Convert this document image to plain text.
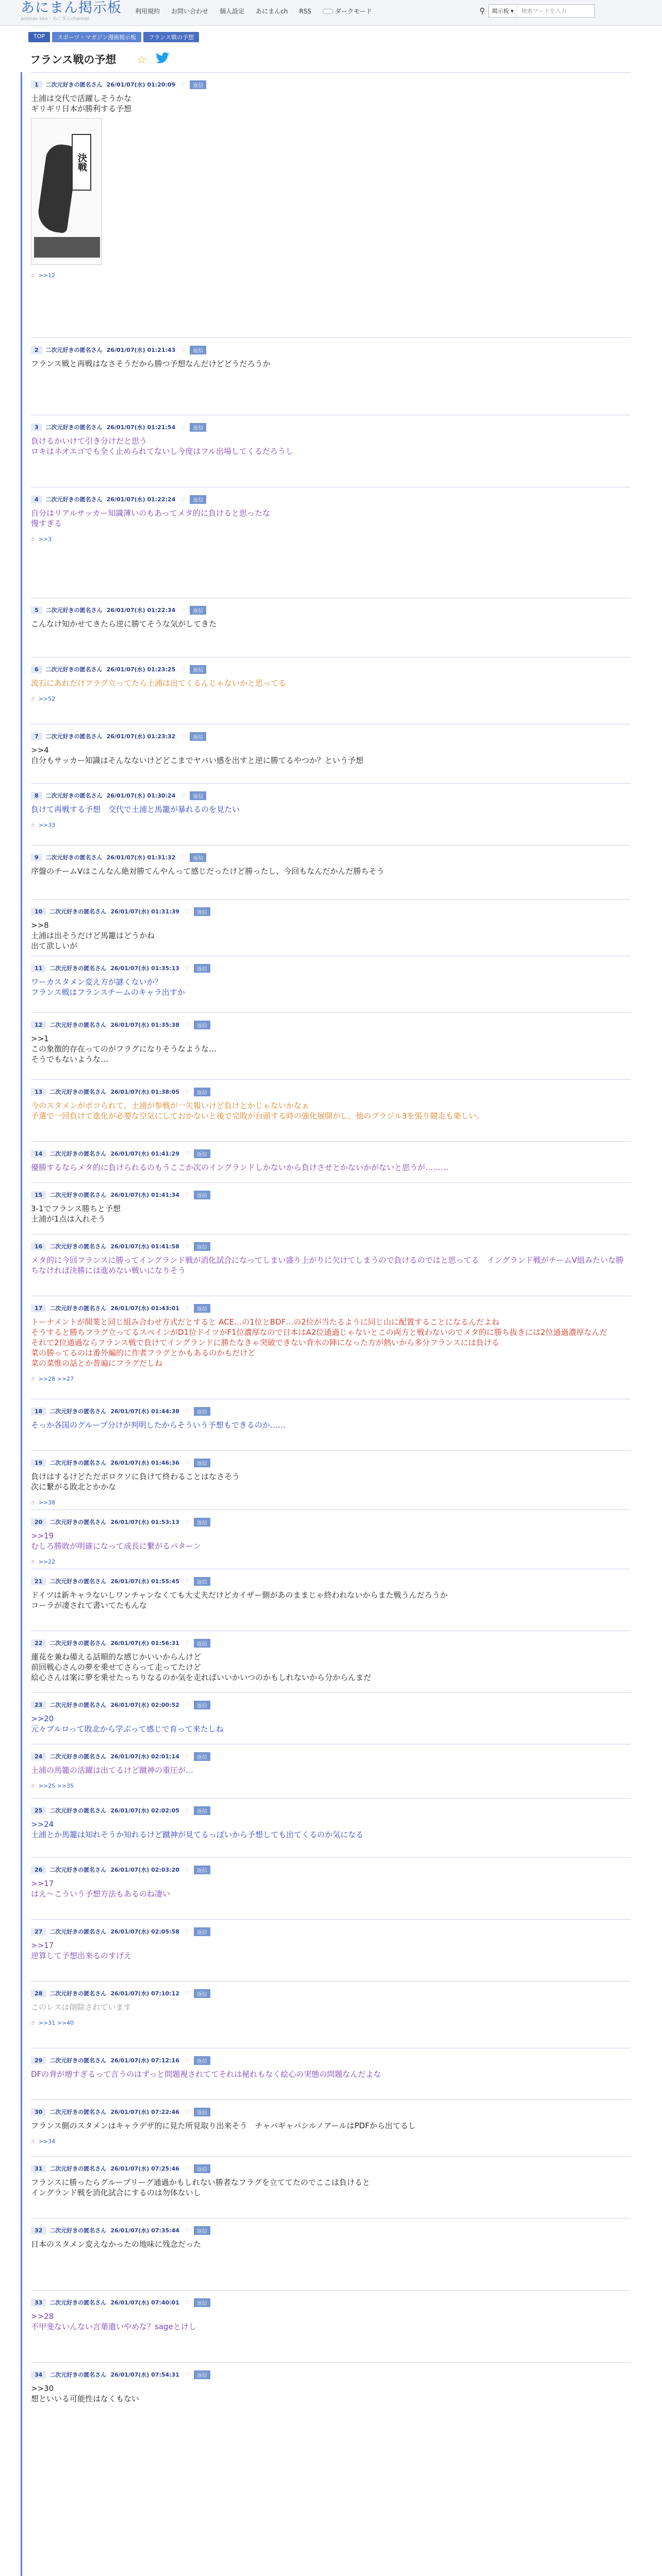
あにまん掲示板
animan bbs・あにまんchannel
利用規約 お問い合わせ 個人設定 あにまんch RSS	ダークモード	⚲	掲示板 ▾	検索ワードを入力
TOP	スポーツ・マガジン漫画掲示板	フランス戦の予想
フランス戦の予想 ☆
1	二次元好きの匿名さん 26/01/07(水) 01:20:09 ♡	返信
土浦は交代で活躍しそうかな
ギリギリ日本が勝利する予想
決戦
☝ >>12
2	二次元好きの匿名さん 26/01/07(水) 01:21:43 ♡	返信
フランス戦と再戦はなさそうだから勝つ予想なんだけどどうだろうか
3	二次元好きの匿名さん 26/01/07(水) 01:21:54 ♡	返信
負けるかいけて引き分けだと思う
ロキはネオエゴでも全く止められてないし今度はフル出場してくるだろうし
4	二次元好きの匿名さん 26/01/07(水) 01:22:24 ♡	返信
自分はリアルサッカー知識薄いのもあってメタ的に負けると思ったな
慢すぎる
☝ >>3
5	二次元好きの匿名さん 26/01/07(水) 01:22:34 ♡	返信
こんなけ知かせてきたら逆に勝てそうな気がしてきた
6	二次元好きの匿名さん 26/01/07(水) 01:23:25 ♡	返信
流石にあれだけフラグ立ってたら土浦は出てくるんじゃないかと思ってる
☝ >>52
7	二次元好きの匿名さん 26/01/07(水) 01:23:32 ♡	返信
>>4
自分もサッカー知識はそんなないけどどこまでヤバい感を出すと逆に勝てるやつか？という予想
8	二次元好きの匿名さん 26/01/07(水) 01:30:24 ♡	返信
負けて再戦する予想　交代で土浦と馬籠が暴れるのを見たい
☝ >>33
9	二次元好きの匿名さん 26/01/07(水) 01:31:32 ♡	返信
序盤のチームVはこんなん絶対勝てんやんって感じだったけど勝ったし、今回もなんだかんだ勝ちそう
10	二次元好きの匿名さん 26/01/07(水) 01:31:39 ♡	返信
>>8
土浦は出そうだけど馬籠はどうかね
出て欲しいが
11	二次元好きの匿名さん 26/01/07(水) 01:35:13 ♡	返信
ワーカスタメン変え方が謎くないか？
フランス戦はフランスチームのキャラ出すか
12	二次元好きの匿名さん 26/01/07(水) 01:35:38 ♡	返信
>>1
この象徴的存在ってのがフラグになりそうなような…
そうでもないような…
13	二次元好きの匿名さん 26/01/07(水) 01:38:05 ♡	返信
今のスタメンがボコられて、土浦が参戦が一矢報いけど負けとかじゃないかなぁ
予選で一回負けて進化が必要な空気にしておかないと後で完敗が台頭する時の強化展開がし、他のブラジル3を張り競走も楽しい。
14	二次元好きの匿名さん 26/01/07(水) 01:41:29 ♡	返信
優勝するならメタ的に負けられるのもうここか次のイングランドしかないから負けさせとかないかがないと思うが………
15	二次元好きの匿名さん 26/01/07(水) 01:41:34 ♡	返信
3-1でフランス勝ちと予想
土浦が1点は入れそう
16	二次元好きの匿名さん 26/01/07(水) 01:41:58 ♡	返信
メタ的に今回フランスに勝ってイングランド戦が消化試合になってしまい盛り上がりに欠けてしまうので負けるのではと思ってる　イングランド戦がチームV組みたいな勝ちなければ決勝には進めない戦いになりそう
17	二次元好きの匿名さん 26/01/07(水) 01:43:01 ♡	返信
トーナメントが開業と同じ組み合わせ方式だとすると ACE…の1位とBDF…の2位が当たるように同じ山に配置することになるんだよね
そうすると勝ちフラグ立ってるスペインがD1位ドイツがF1位濃厚なので日本はA2位通過じゃないとこの両方と戦わないのでメタ的に勝ち抜きには2位通過濃厚なんだ
それで2位通過ならフランス戦で負けてイングランドに勝たなきゃ突破できない背水の陣になった方が熱いから多分フランスには負ける
菜の勝ってるのは番外編的に作者フラグとかもあるのかもだけど
菜の菜惟の話とか普遍にフラグだしね
☝ >>28 >>27
18	二次元好きの匿名さん 26/01/07(水) 01:44:38 ♡	返信
そっか各国のグループ分けが判明したからそういう予想もできるのか……
19	二次元好きの匿名さん 26/01/07(水) 01:46:36 ♡	返信
負けはするけどただボロクソに負けて終わることはなさそう
次に繋がる敗北とかかな
☝ >>38
20	二次元好きの匿名さん 26/01/07(水) 01:53:13 ♡	返信
>>19
むしろ勝敗が明確になって成長に繋がるパターン
☝ >>22
21	二次元好きの匿名さん 26/01/07(水) 01:55:45 ♡	返信
ドイツは新キャラないしワンチャンなくても大丈夫だけどカイザー側があのままじゃ終われないからまた戦うんだろうか
コーラが凄されて書いてたもんな
22	二次元好きの匿名さん 26/01/07(水) 01:56:31 ♡	返信
蓮花を兼ね備える話順的な感じかいいからんけど
前回戦心さんの夢を乗せてさらって走ってたけど
絵心さんは案に夢を乗せたっちりなるのか気を走ればいいかいつのかもしれないから分からんまだ
23	二次元好きの匿名さん 26/01/07(水) 02:00:52 ♡	返信
>>20
元々ブルロって敗北から学ぶって感じで育って来たしね
24	二次元好きの匿名さん 26/01/07(水) 02:01:14 ♡	返信
土浦の馬籠の活躍は出てるけど蹴神の重圧が…
☝ >>25 >>35
25	二次元好きの匿名さん 26/01/07(水) 02:02:05 ♡	返信
>>24
土浦とか馬籠は知れそうか知れるけど蹴神が見てるっぽいから予想しても出てくるのか気になる
26	二次元好きの匿名さん 26/01/07(水) 02:03:20 ♡	返信
>>17
はえ～こういう予想方法もあるのね凄い
27	二次元好きの匿名さん 26/01/07(水) 02:05:58 ♡	返信
>>17
逆算して予想出来るのすげえ
28	二次元好きの匿名さん 26/01/07(水) 07:10:12 ♡	返信
このレスは削除されています
☝ >>31 >>40
29	二次元好きの匿名さん 26/01/07(水) 07:12:16 ♡	返信
DFの脅が増すぎるって言うのはずっと問題視されててそれは秘れもなく絵心の実態の問題なんだよな
30	二次元好きの匿名さん 26/01/07(水) 07:22:46 ♡	返信
フランス側のスタメンはキャラデザ的に見た所見取り出来そう　チャバギャバシルノアールはPDFから出てるし
☝ >>34
31	二次元好きの匿名さん 26/01/07(水) 07:25:46 ♡	返信
フランスに勝ったらグループリーグ通過かもしれない勝者なフラグを立ててたのでここは負けると
イングランド戦を消化試合にするのは勿体ないし
32	二次元好きの匿名さん 26/01/07(水) 07:35:44 ♡	返信
日本のスタメン変えなかったの地味に残念だった
33	二次元好きの匿名さん 26/01/07(水) 07:40:01 ♡	返信
>>28
不甲斐ないんない言葉遣いやめな？sageとけし
34	二次元好きの匿名さん 26/01/07(水) 07:54:31 ♡	返信
>>30
想といいる可能性はなくもない
